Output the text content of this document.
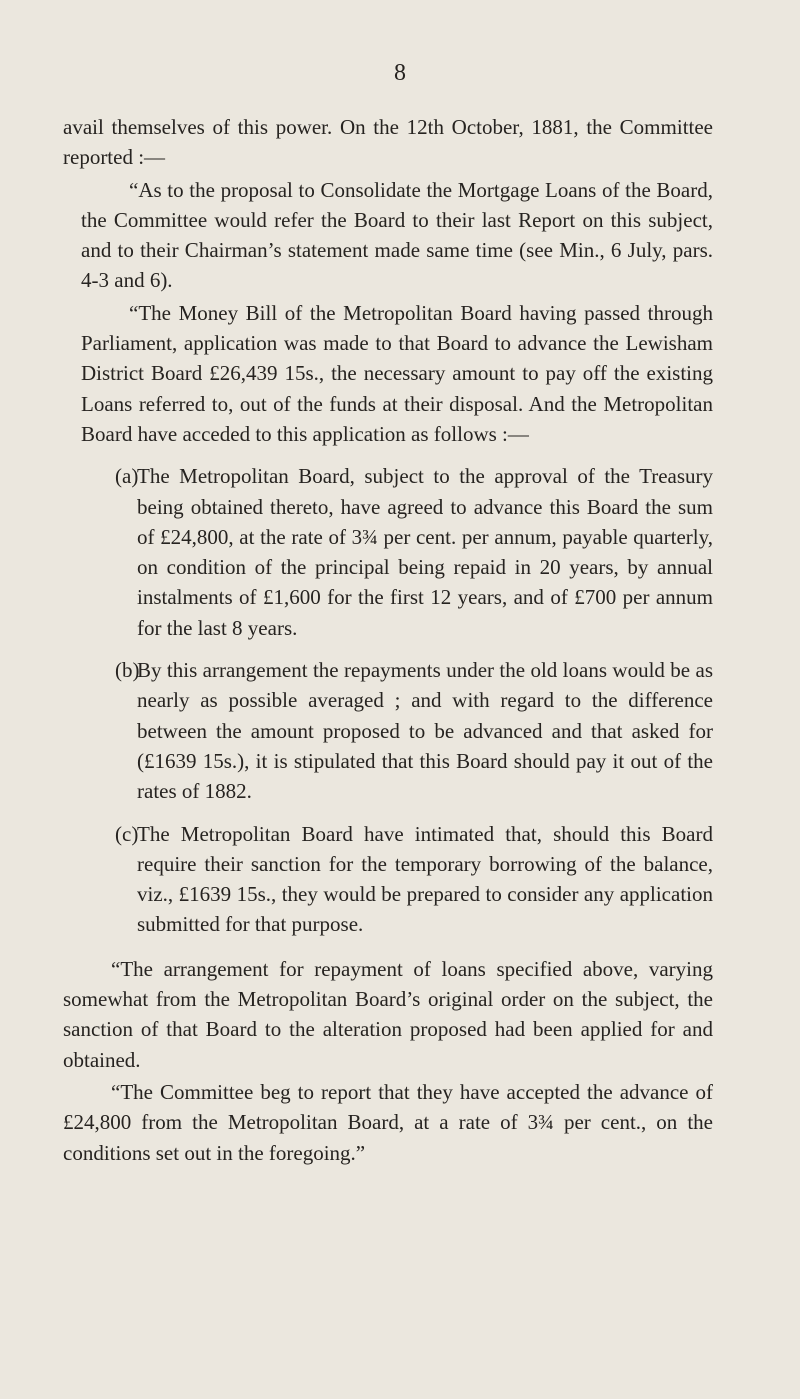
8

avail themselves of this power. On the 12th October, 1881, the Committee reported :—

“As to the proposal to Consolidate the Mortgage Loans of the Board, the Committee would refer the Board to their last Report on this subject, and to their Chairman’s statement made same time (see Min., 6 July, pars. 4-3 and 6).

“The Money Bill of the Metropolitan Board having passed through Parliament, application was made to that Board to advance the Lewisham District Board £26,439 15s., the necessary amount to pay off the existing Loans referred to, out of the funds at their disposal. And the Metropolitan Board have acceded to this application as follows :—

(a)
The Metropolitan Board, subject to the approval of the Treasury being obtained thereto, have agreed to advance this Board the sum of £24,800, at the rate of 3¾ per cent. per annum, payable quarterly, on condition of the principal being repaid in 20 years, by annual instalments of £1,600 for the first 12 years, and of £700 per annum for the last 8 years.

(b)
By this arrangement the repayments under the old loans would be as nearly as possible averaged ; and with regard to the difference between the amount proposed to be advanced and that asked for (£1639 15s.), it is stipulated that this Board should pay it out of the rates of 1882.

(c)
The Metropolitan Board have intimated that, should this Board require their sanction for the temporary borrowing of the balance, viz., £1639 15s., they would be prepared to consider any application submitted for that purpose.

“The arrangement for repayment of loans specified above, varying somewhat from the Metropolitan Board’s original order on the subject, the sanction of that Board to the alteration proposed had been applied for and obtained.

“The Committee beg to report that they have accepted the advance of £24,800 from the Metropolitan Board, at a rate of 3¾ per cent., on the conditions set out in the foregoing.”
